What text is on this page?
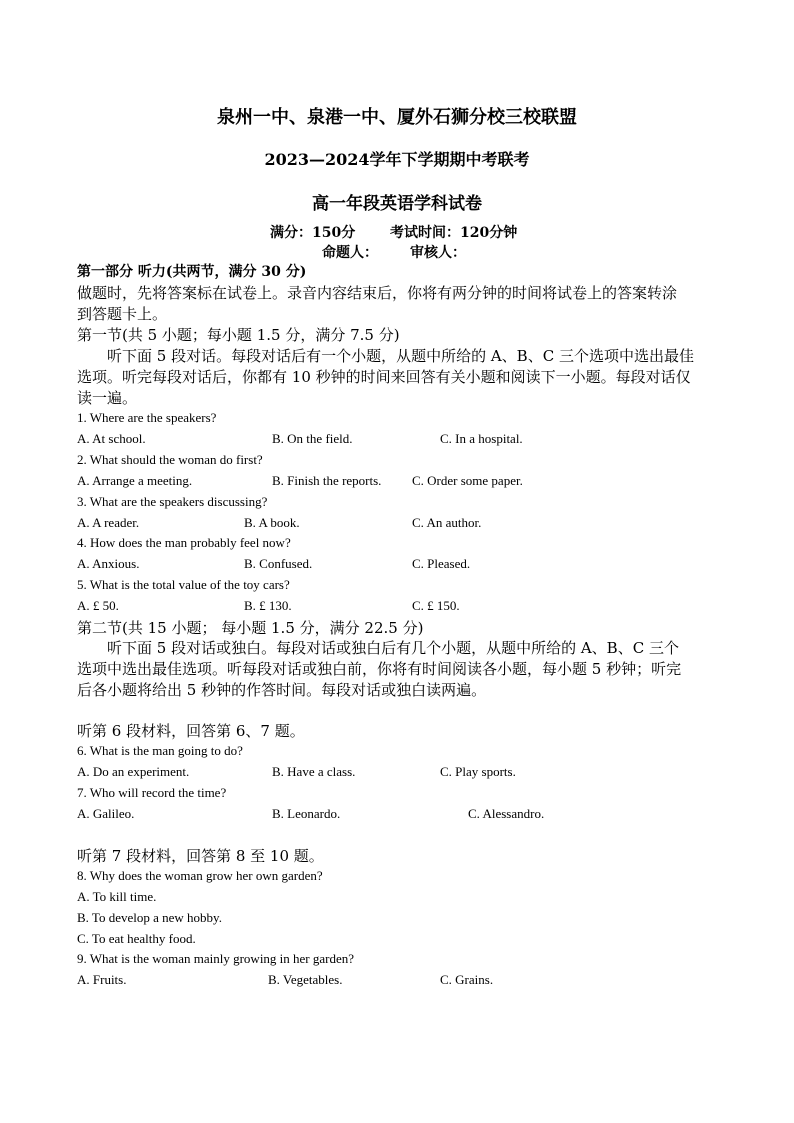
泉州一中、泉港一中、厦外石狮分校三校联盟
2023—2024学年下学期期中考联考
高一年段英语学科试卷
满分：150分 考试时间：120分钟
命题人： 审核人：
第一部分 听力(共两节，满分 30 分)
做题时，先将答案标在试卷上。录音内容结束后，你将有两分钟的时间将试卷上的答案转涂
到答题卡上。
第一节(共 5 小题；每小题 1.5 分，满分 7.5 分)
听下面 5 段对话。每段对话后有一个小题，从题中所给的 A、B、C 三个选项中选出最佳
选项。听完每段对话后，你都有 10 秒钟的时间来回答有关小题和阅读下一小题。每段对话仅
读一遍。
1. Where are the speakers?
A. At school.	B. On the field.	C. In a hospital.
2. What should the woman do first?
A. Arrange a meeting.	B. Finish the reports. C. Order some paper.
3. What are the speakers discussing?
A. A reader.	B. A book.	C. An author.
4. How does the man probably feel now?
A. Anxious.	B. Confused.	C. Pleased.
5. What is the total value of the toy cars?
A. £ 50.	B. £ 130.	C. £ 150.
第二节(共 15 小题； 每小题 1.5 分，满分 22.5 分)
听下面 5 段对话或独白。每段对话或独白后有几个小题，从题中所给的 A、B、C 三个
选项中选出最佳选项。听每段对话或独白前，你将有时间阅读各小题，每小题 5 秒钟；听完
后各小题将给出 5 秒钟的作答时间。每段对话或独白读两遍。
听第 6 段材料，回答第 6、7 题。
6. What is the man going to do?
A. Do an experiment.	B. Have a class.	C. Play sports.
7. Who will record the time?
A. Galileo.	B. Leonardo.	C. Alessandro.
听第 7 段材料，回答第 8 至 10 题。
8. Why does the woman grow her own garden?
A. To kill time.
B. To develop a new hobby.
C. To eat healthy food.
9. What is the woman mainly growing in her garden?
A. Fruits.	B. Vegetables.	C. Grains.
